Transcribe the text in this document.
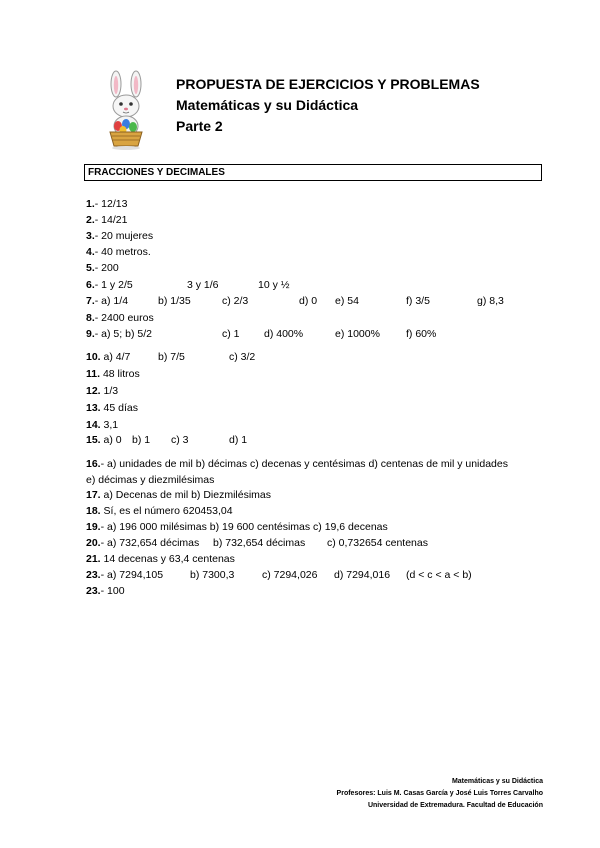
PROPUESTA DE EJERCICIOS Y PROBLEMAS
Matemáticas y su Didáctica
Parte 2
FRACCIONES Y DECIMALES
1.- 12/13
2.- 14/21
3.- 20 mujeres
4.- 40 metros.
5.- 200
6.- 1 y 2/5	3 y 1/6	10 y ½
7.- a) 1/4	b) 1/35	c) 2/3	d) 0 e) 54	f) 3/5	g) 8,3
8.- 2400 euros
9.- a) 5; b) 5/2	c) 1 d) 400%	e) 1000% f) 60%
10. a) 4/7	b) 7/5	c) 3/2
11. 48 litros
12. 1/3
13. 45 días
14. 3,1
15. a) 0 b) 1 c) 3	d) 1
16.- a) unidades de mil b) décimas c) decenas y centésimas d) centenas de mil y unidades
e) décimas y diezmilésimas
17. a) Decenas de mil b) Diezmilésimas
18. Sí, es el número 620453,04
19.- a) 196 000 milésimas b) 19 600 centésimas c) 19,6 decenas
20.- a) 732,654 décimas b) 732,654 décimas c) 0,732654 centenas
21. 14 decenas y 63,4 centenas
23.- a) 7294,105	b) 7300,3	c) 7294,026 d) 7294,016 (d < c < a < b)
23.- 100
Matemáticas y su Didáctica
Profesores: Luis M. Casas García y José Luis Torres Carvalho
Universidad de Extremadura. Facultad de Educación
